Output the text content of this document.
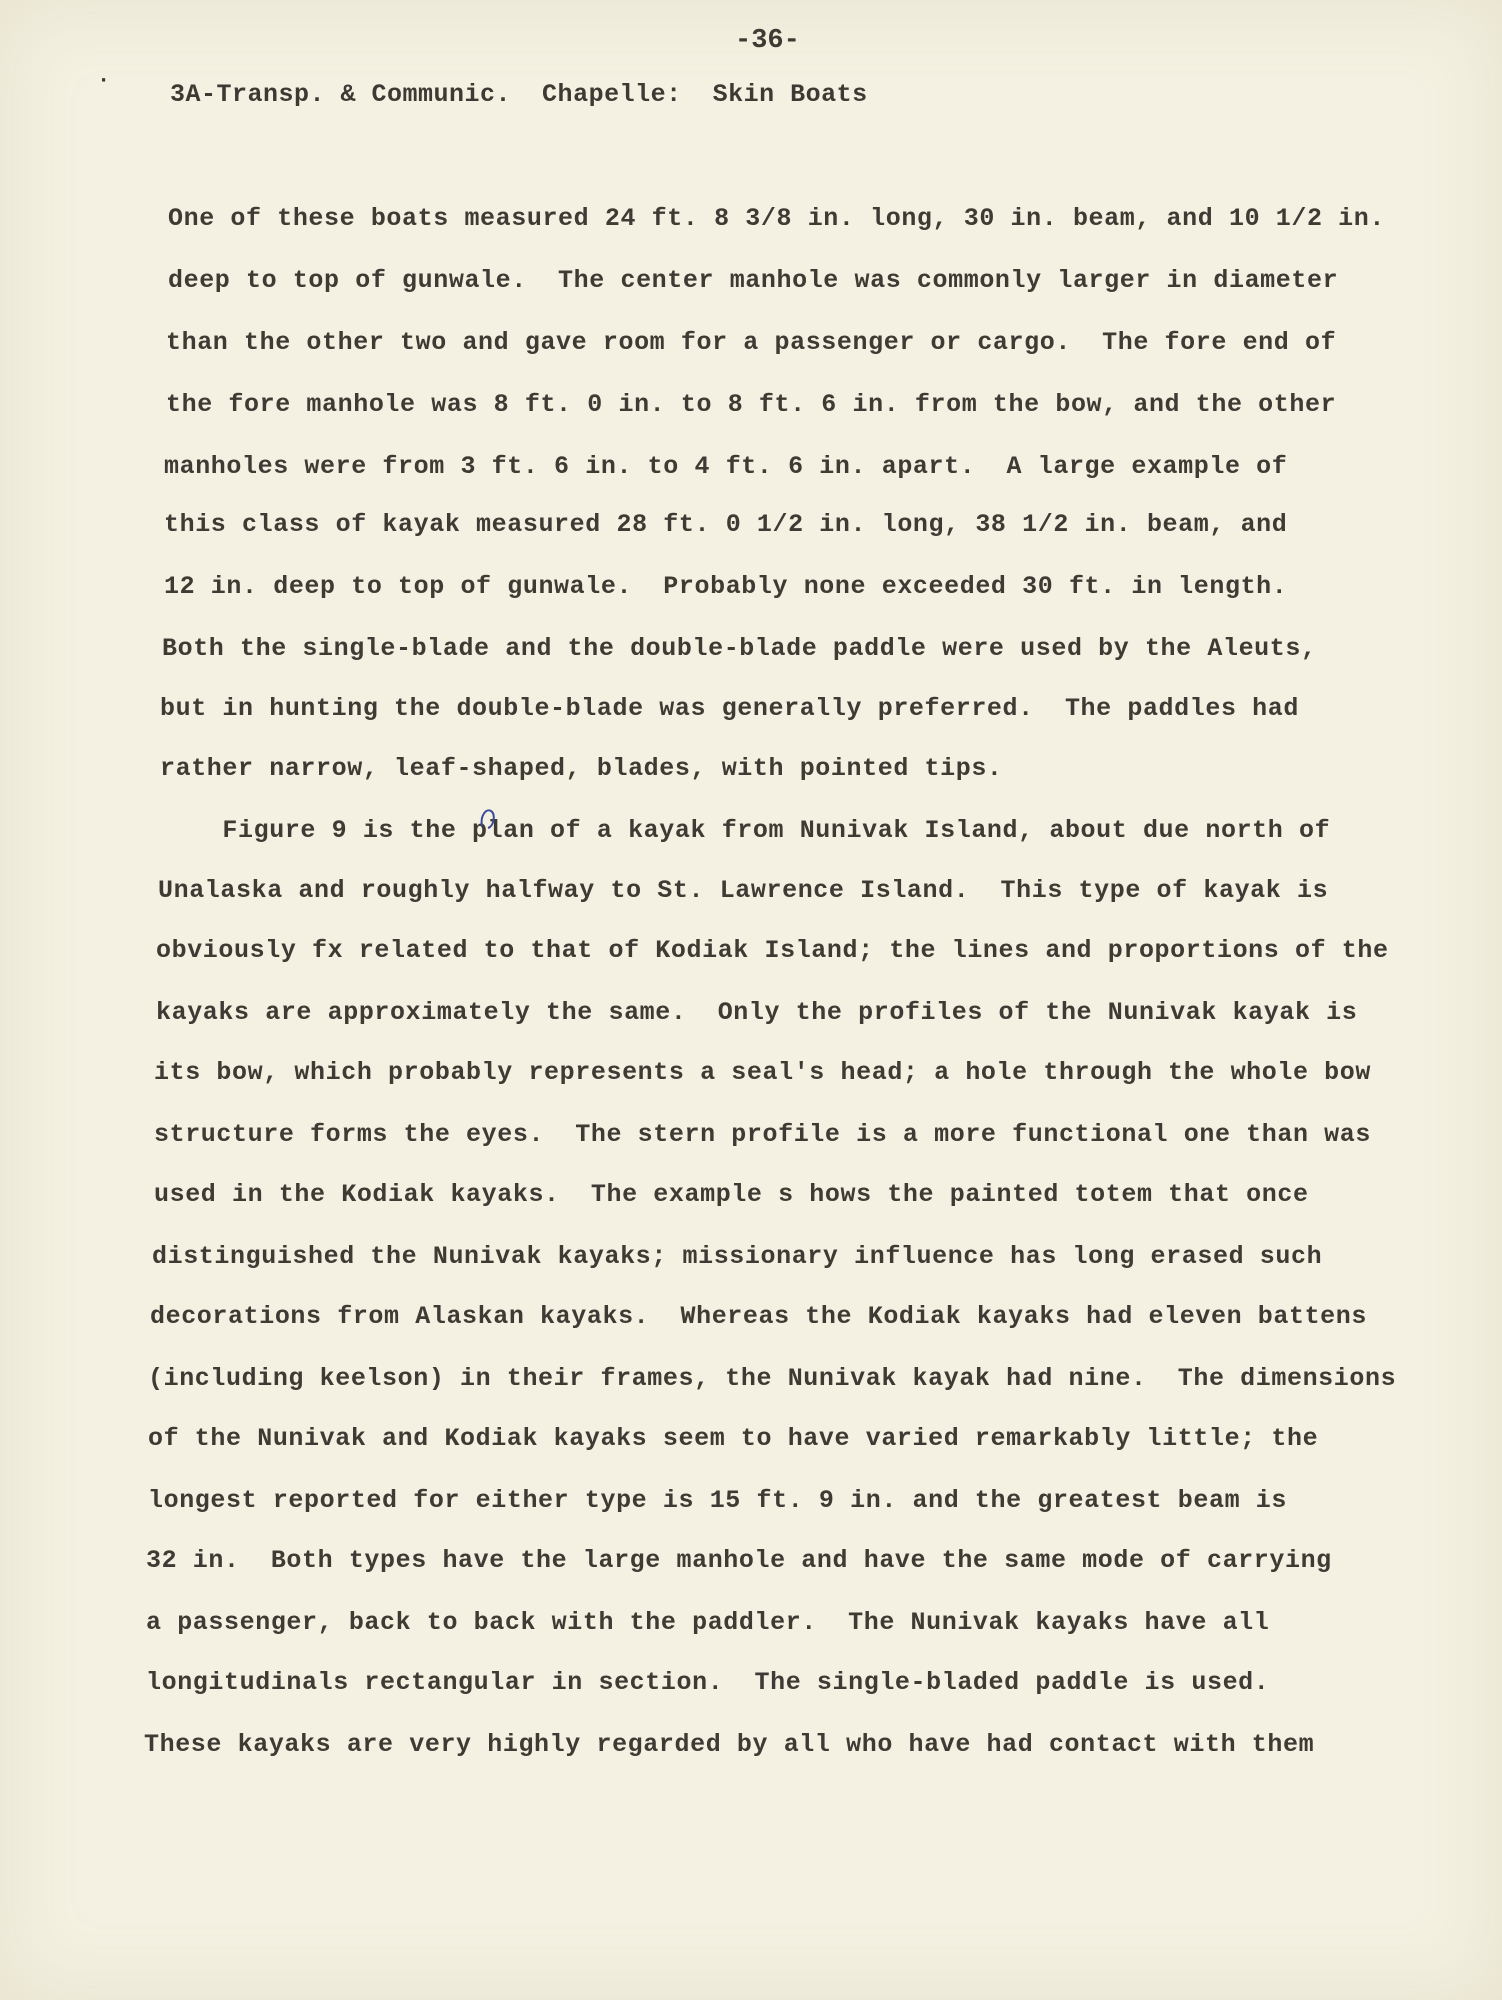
-36-
· 3A-Transp. & Communic.  Chapelle:  Skin Boats
One of these boats measured 24 ft. 8 3/8 in. long, 30 in. beam, and 10 1/2 in.
deep to top of gunwale.  The center manhole was commonly larger in diameter
than the other two and gave room for a passenger or cargo.  The fore end of
the fore manhole was 8 ft. 0 in. to 8 ft. 6 in. from the bow, and the other
manholes were from 3 ft. 6 in. to 4 ft. 6 in. apart.  A large example of
this class of kayak measured 28 ft. 0 1/2 in. long, 38 1/2 in. beam, and
12 in. deep to top of gunwale.  Probably none exceeded 30 ft. in length.
Both the single-blade and the double-blade paddle were used by the Aleuts,
but in hunting the double-blade was generally preferred.  The paddles had
rather narrow, leaf-shaped, blades, with pointed tips.
Figure 9 is the plan of a kayak from Nunivak Island, about due north of
Unalaska and roughly halfway to St. Lawrence Island.  This type of kayak is
obviously fx related to that of Kodiak Island; the lines and proportions of the
kayaks are approximately the same.  Only the profiles of the Nunivak kayak is
its bow, which probably represents a seal's head; a hole through the whole bow
structure forms the eyes.  The stern profile is a more functional one than was
used in the Kodiak kayaks.  The example s hows the painted totem that once
distinguished the Nunivak kayaks; missionary influence has long erased such
decorations from Alaskan kayaks.  Whereas the Kodiak kayaks had eleven battens
(including keelson) in their frames, the Nunivak kayak had nine.  The dimensions
of the Nunivak and Kodiak kayaks seem to have varied remarkably little; the
longest reported for either type is 15 ft. 9 in. and the greatest beam is
32 in.  Both types have the large manhole and have the same mode of carrying
a passenger, back to back with the paddler.  The Nunivak kayaks have all
longitudinals rectangular in section.  The single-bladed paddle is used.
These kayaks are very highly regarded by all who have had contact with them
